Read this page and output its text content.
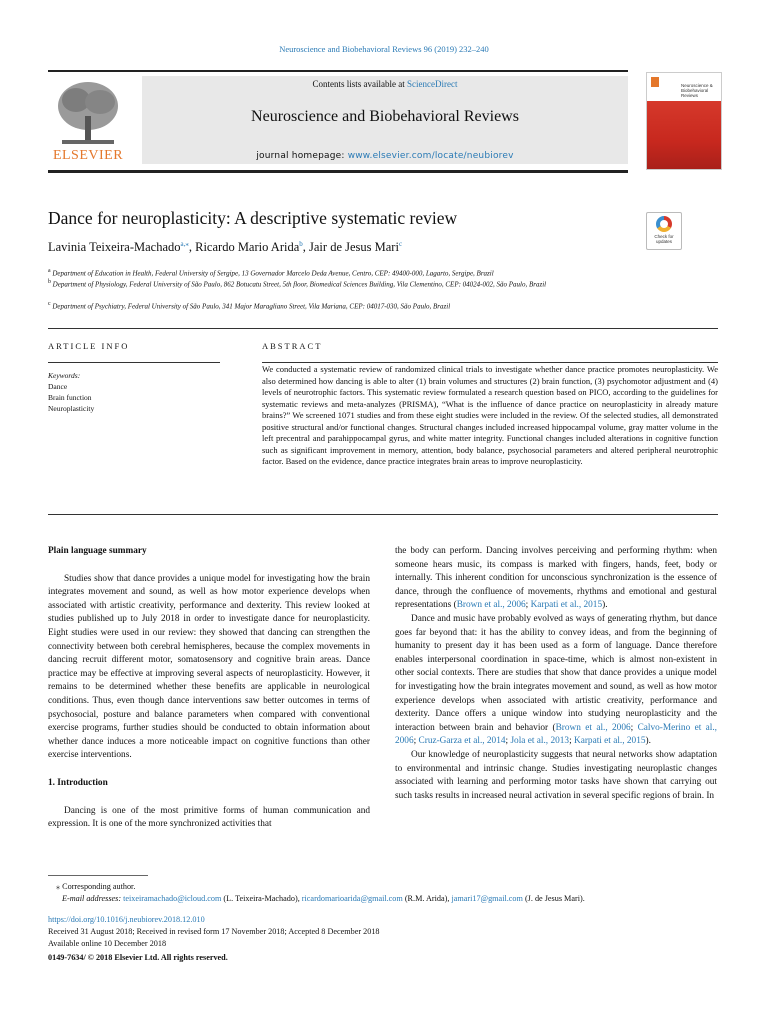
Neuroscience and Biobehavioral Reviews 96 (2019) 232–240
ELSEVIER
Contents lists available at ScienceDirect
Neuroscience and Biobehavioral Reviews
journal homepage: www.elsevier.com/locate/neubiorev
Neuroscience & Biobehavioral Reviews
Dance for neuroplasticity: A descriptive systematic review
Lavinia Teixeira-Machado$^{a,⁎}$, Ricardo Mario Arida$^b$, Jair de Jesus Mari$^c$
Check for updates
$^a$ Department of Education in Health, Federal University of Sergipe, 13 Governador Marcelo Deda Avenue, Centro, CEP: 49400-000, Lagarto, Sergipe, Brazil
$^b$ Department of Physiology, Federal University of São Paulo, 862 Botucatu Street, 5th floor, Biomedical Sciences Building, Vila Clementino, CEP: 04024-002, São Paulo, Brazil
$^c$ Department of Psychiatry, Federal University of São Paulo, 341 Major Maragliano Street, Vila Mariana, CEP: 04017-030, São Paulo, Brazil
ARTICLE INFO	ABSTRACT
Keywords:
Dance
Brain function
Neuroplasticity
We conducted a systematic review of randomized clinical trials to investigate whether dance practice promotes neuroplasticity. We also determined how dancing is able to alter (1) brain volumes and structures (2) brain function, (3) psychomotor adjustment and (4) levels of neurotrophic factors. This systematic review formulated a research question based on PICO, according to the guidelines for systematic reviews and meta-analyzes (PRISMA), “What is the influence of dance practice on neuroplasticity in already mature brains?” We screened 1071 studies and from these eight studies were included in the review. Of the selected studies, all demonstrated positive structural and/or functional changes. Structural changes included increased hippocampal volume, gray matter volume in the left precentral and parahippocampal gyrus, and white matter integrity. Functional changes included alterations in cognitive function such as significant improvement in memory, attention, body balance, psychosocial parameters and altered peripheral neurotrophic factor. Based on the evidence, dance practice integrates brain areas to improve neuroplasticity.
Plain language summary

Studies show that dance provides a unique model for investigating how the brain integrates movement and sound, as well as how motor experience develops when associated with artistic creativity, performance and dexterity. This review looked at studies published up to July 2018 in order to investigate dance for neuroplasticity. Eight studies were used in our review: they showed that dancing can strengthen the connectivity between both cerebral hemispheres, because the complex movements in dancing recruit different motor, somatosensory and cognitive brain areas. Dance practice may be effective at improving several aspects of neuroplasticity. However, it remains to be determined whether these benefits are applicable in neurological conditions. Thus, even though dance interventions saw better outcomes in terms of psychosocial, posture and balance parameters when compared with conventional exercise programs, further studies should be conducted to obtain information about whether dance induces a more noticeable impact on cognitive functions than other exercise interventions.

1. Introduction

Dancing is one of the most primitive forms of human communication and expression. It is one of the more synchronized activities that

the body can perform. Dancing involves perceiving and performing rhythm: when someone hears music, its compass is marked with fingers, hands, feet, body or internally. This inherent condition for unconscious synchronization is the essence of dance, through the confluence of movements, rhythms and emotional and gestural representations (Brown et al., 2006; Karpati et al., 2015).

Dance and music have probably evolved as ways of generating rhythm, but dance goes far beyond that: it has the ability to convey ideas, and from the beginning of humanity to present day it has been used as a form of language. Dance therefore enables interpersonal coordination in space-time, which is almost non-existent in other social contexts. There are studies that show that dance provides a unique model for investigating how the brain integrates movement and sound, as well as how motor experience develops when associated with artistic creativity, performance and dexterity. Dance offers a unique window into studying neuroplasticity and the interaction between brain and behavior (Brown et al., 2006; Calvo-Merino et al., 2006; Cruz-Garza et al., 2014; Jola et al., 2013; Karpati et al., 2015).

Our knowledge of neuroplasticity suggests that neural networks show adaptation to environmental and intrinsic change. Studies investigating neuroplastic changes associated with learning and performing motor tasks have shown that carrying out such tasks results in increased neural activation in several specific regions of brain. In

⁎ Corresponding author.
E-mail addresses: teixeiramachado@icloud.com (L. Teixeira-Machado), ricardomarioarida@gmail.com (R.M. Arida), jamari17@gmail.com (J. de Jesus Mari).
https://doi.org/10.1016/j.neubiorev.2018.12.010
Received 31 August 2018; Received in revised form 17 November 2018; Accepted 8 December 2018
Available online 10 December 2018
0149-7634/ © 2018 Elsevier Ltd. All rights reserved.
